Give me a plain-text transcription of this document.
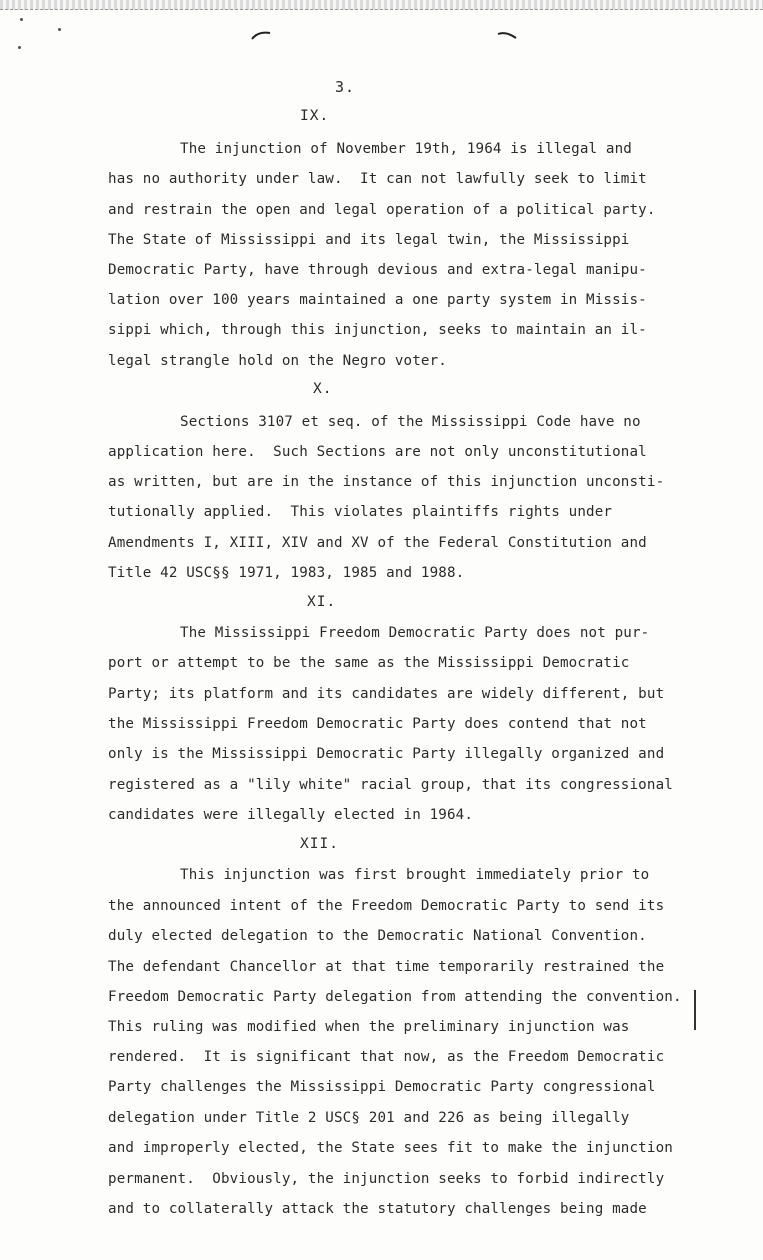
3.
IX.
The injunction of November 19th, 1964 is illegal and
has no authority under law.  It can not lawfully seek to limit
and restrain the open and legal operation of a political party.
The State of Mississippi and its legal twin, the Mississippi
Democratic Party, have through devious and extra-legal manipu-
lation over 100 years maintained a one party system in Missis-
sippi which, through this injunction, seeks to maintain an il-
legal strangle hold on the Negro voter.
X.
Sections 3107 et seq. of the Mississippi Code have no
application here.  Such Sections are not only unconstitutional
as written, but are in the instance of this injunction unconsti-
tutionally applied.  This violates plaintiffs rights under
Amendments I, XIII, XIV and XV of the Federal Constitution and
Title 42 USC§§ 1971, 1983, 1985 and 1988.
XI.
The Mississippi Freedom Democratic Party does not pur-
port or attempt to be the same as the Mississippi Democratic
Party; its platform and its candidates are widely different, but
the Mississippi Freedom Democratic Party does contend that not
only is the Mississippi Democratic Party illegally organized and
registered as a "lily white" racial group, that its congressional
candidates were illegally elected in 1964.
XII.
This injunction was first brought immediately prior to
the announced intent of the Freedom Democratic Party to send its
duly elected delegation to the Democratic National Convention.
The defendant Chancellor at that time temporarily restrained the
Freedom Democratic Party delegation from attending the convention.
This ruling was modified when the preliminary injunction was
rendered.  It is significant that now, as the Freedom Democratic
Party challenges the Mississippi Democratic Party congressional
delegation under Title 2 USC§ 201 and 226 as being illegally
and improperly elected, the State sees fit to make the injunction
permanent.  Obviously, the injunction seeks to forbid indirectly
and to collaterally attack the statutory challenges being made
